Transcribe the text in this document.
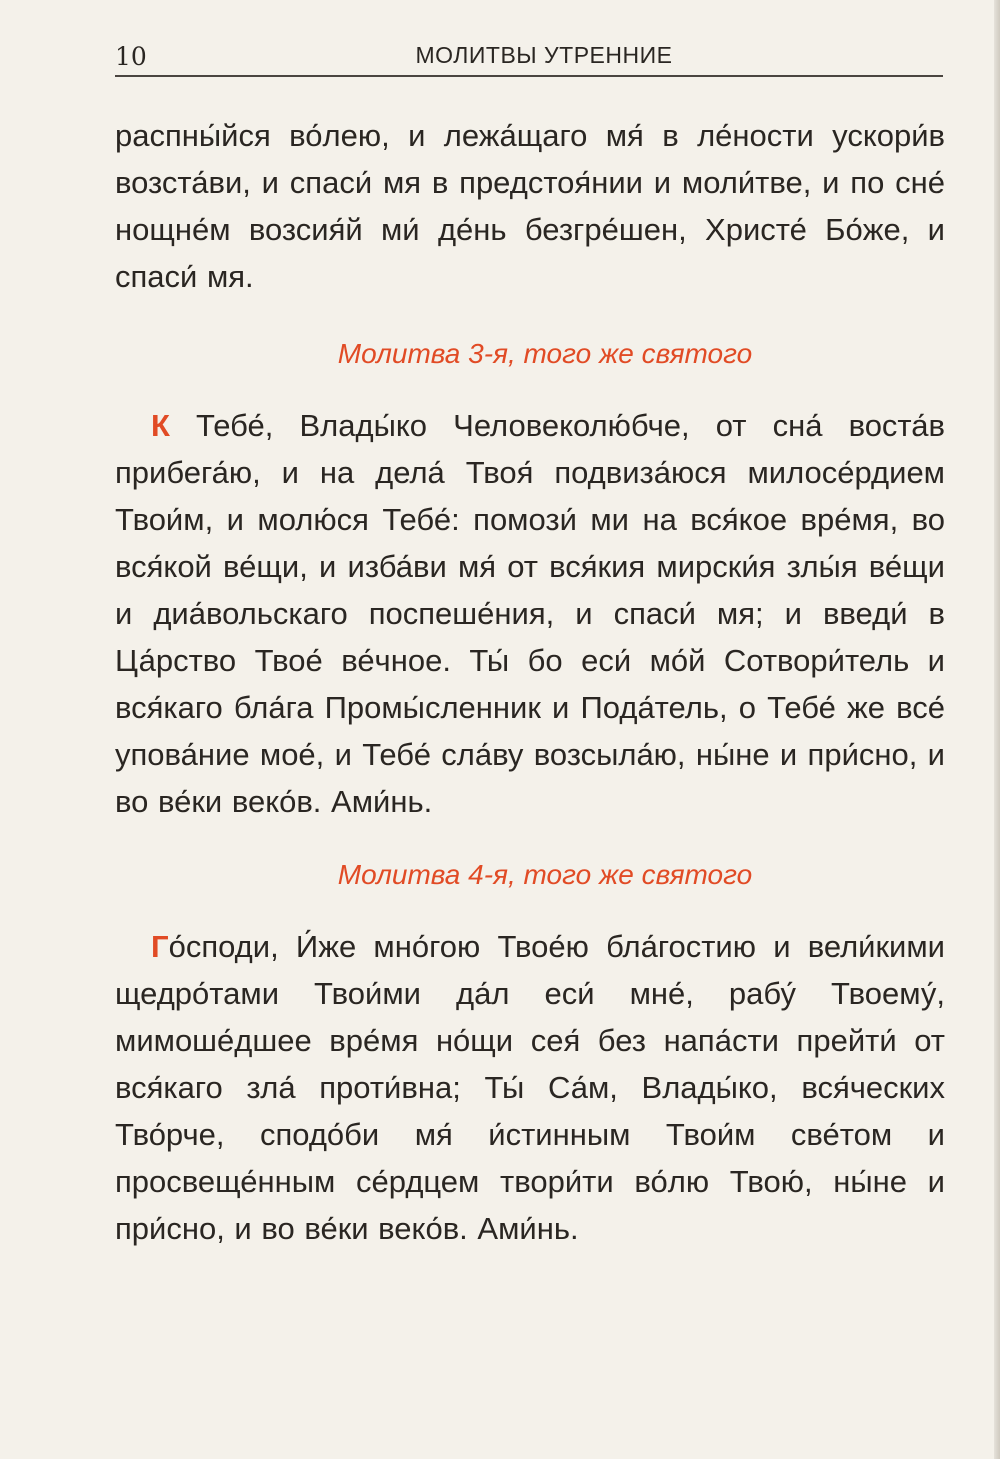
10	МОЛИТВЫ УТРЕННИЕ

распны́йся во́лею, и лежа́щаго мя́ в ле́ности ускори́в возста́ви, и спаси́ мя в предстоя́нии и моли́тве, и по сне́ нощне́м возсия́й ми́ де́нь безгре́шен, Христе́ Бо́же, и спаси́ мя.

Молитва 3-я, того же святого

К Тебе́, Влады́ко Человеколю́бче, от сна́ воста́в прибега́ю, и на дела́ Твоя́ подвиза́юся милосе́рдием Твои́м, и молю́ся Тебе́: помози́ ми на вся́кое вре́мя, во вся́кой ве́щи, и изба́ви мя́ от вся́кия мирски́я злы́я ве́щи и диа́вольскаго поспеше́ния, и спаси́ мя; и введи́ в Ца́рство Твое́ ве́чное. Ты́ бо еси́ мо́й Сотвори́тель и вся́каго бла́га Промы́сленник и Пода́тель, о Тебе́ же все́ упова́ние мое́, и Тебе́ сла́ву возсыла́ю, ны́не и при́сно, и во ве́ки веко́в. Ами́нь.

Молитва 4-я, того же святого

Го́споди, И́же мно́гою Твое́ю бла́гостию и вели́кими щедро́тами Твои́ми да́л еси́ мне́, рабу́ Твоему́, мимоше́дшее вре́мя но́щи сея́ без напа́сти прейти́ от вся́каго зла́ проти́вна; Ты́ Са́м, Влады́ко, вся́ческих Тво́рче, сподо́би мя́ и́стинным Твои́м све́том и просвеще́нным се́рдцем твори́ти во́лю Твою́, ны́не и при́сно, и во ве́ки веко́в. Ами́нь.
